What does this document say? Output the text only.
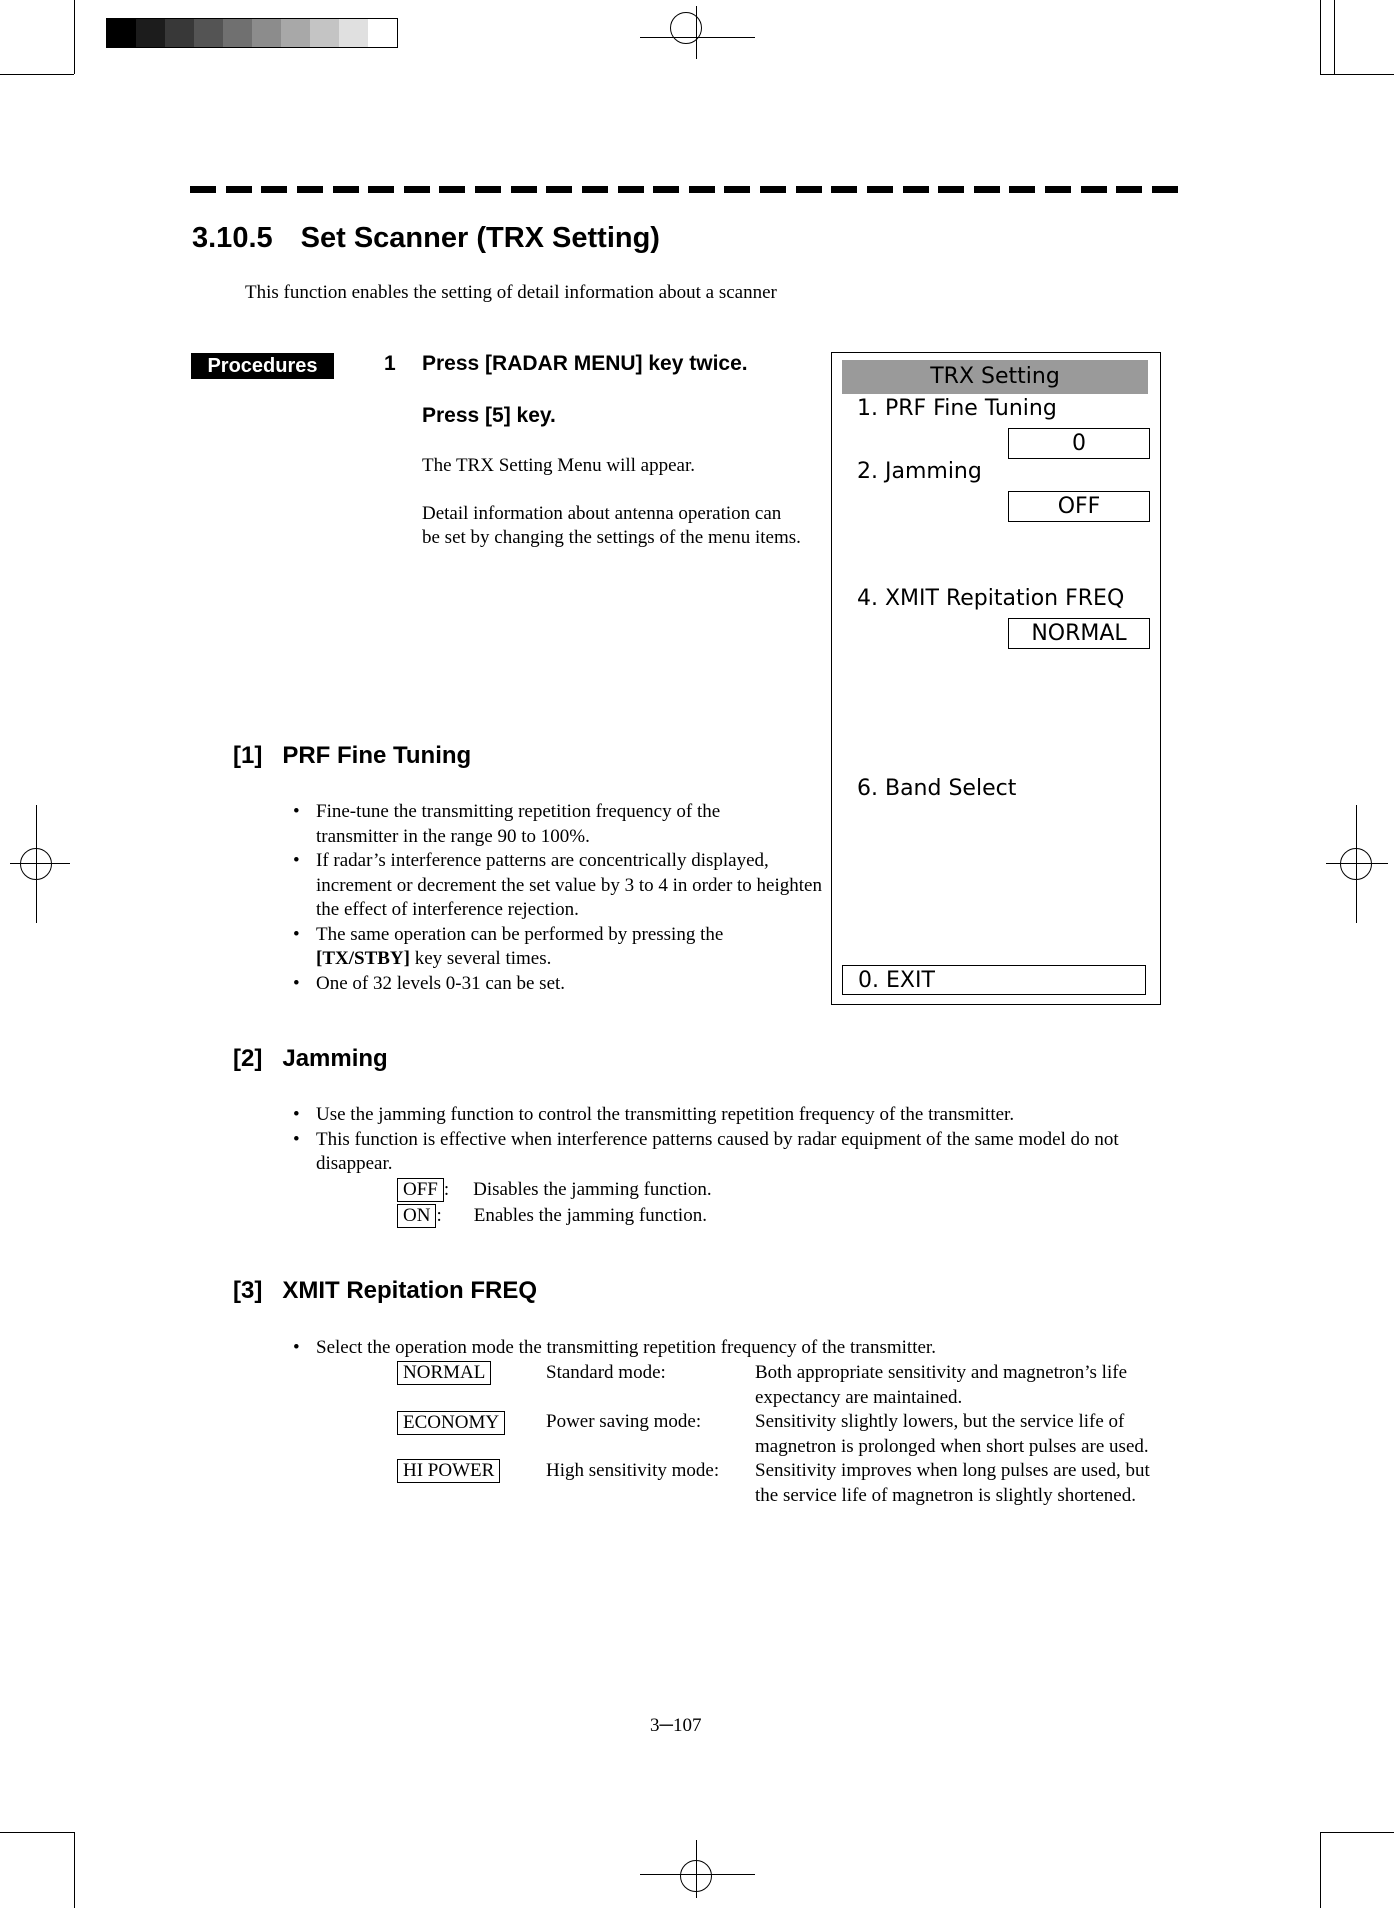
3.10.5 Set Scanner (TRX Setting)
This function enables the setting of detail information about a scanner
Procedures	1 Press [RADAR MENU] key twice.
Press [5] key.
The TRX Setting Menu will appear.
Detail information about antenna operation can be set by changing the settings of the menu items.
TRX Setting
1. PRF Fine Tuning
0
2. Jamming
OFF
4. XMIT Repitation FREQ
NORMAL
6. Band Select
0. EXIT
[1] PRF Fine Tuning
• Fine-tune the transmitting repetition frequency of the transmitter in the range 90 to 100%.
• If radar’s interference patterns are concentrically displayed, increment or decrement the set value by 3 to 4 in order to heighten the effect of interference rejection.
• The same operation can be performed by pressing the
[TX/STBY] key several times.
• One of 32 levels 0-31 can be set.
[2] Jamming
• Use the jamming function to control the transmitting repetition frequency of the transmitter.
• This function is effective when interference patterns caused by radar equipment of the same model do not disappear.
OFF : Disables the jamming function.
ON : Enables the jamming function.
[3] XMIT Repitation FREQ
• Select the operation mode the transmitting repetition frequency of the transmitter.
NORMAL	Standard mode:	Both appropriate sensitivity and magnetron’s life expectancy are maintained.
ECONOMY	Power saving mode:	Sensitivity slightly lowers, but the service life of magnetron is prolonged when short pulses are used.
HI POWER	High sensitivity mode:	Sensitivity improves when long pulses are used, but the service life of magnetron is slightly shortened.
3─107
